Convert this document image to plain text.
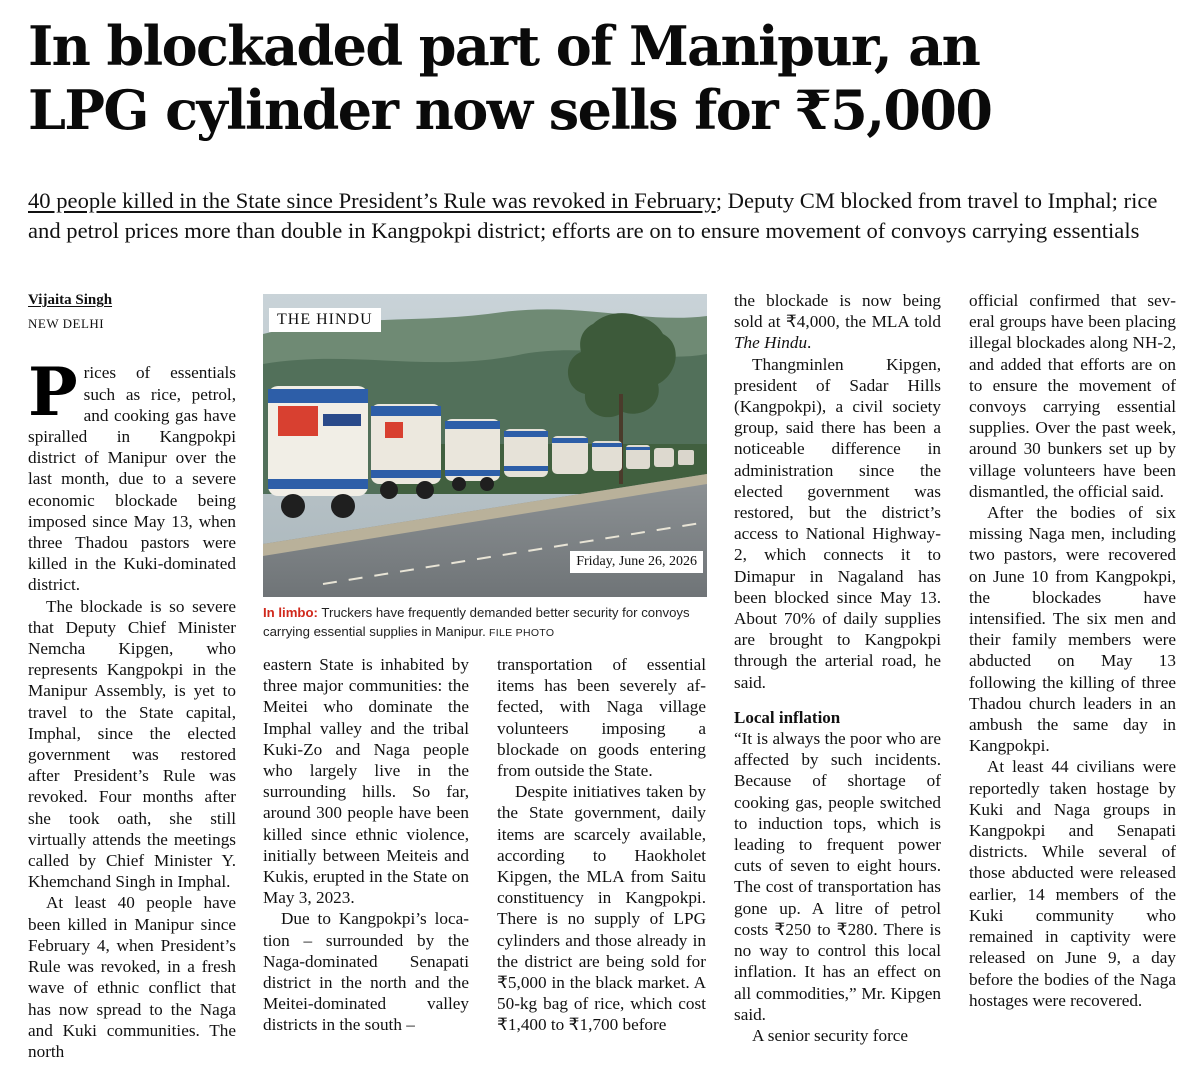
In blockaded part of Manipur, an
LPG cylinder now sells for ₹5,000
40 people killed in the State since President’s Rule was revoked in February; Deputy CM blocked from travel to Imphal; rice and petrol prices more than double in Kangpokpi district; efforts are on to ensure movement of convoys carrying essentials
Vijaita Singh
NEW DELHI

Prices of essentials such as rice, petrol, and cooking gas have spiralled in Kangpokpi district of Manipur over the last month, due to a severe economic blockade being imposed since May 13, when three Thadou pastors were killed in the Kuki-dominated district.

The blockade is so severe that Deputy Chief Minister Nemcha Kipgen, who represents Kangpokpi in the Manipur Assembly, is yet to travel to the State capital, Imphal, since the elected government was restored after President’s Rule was revoked. Four months after she took oath, she still virtually attends the meetings called by Chief Minister Y. Khemchand Singh in Imphal.

At least 40 people have been killed in Manipur since February 4, when President’s Rule was revoked, in a fresh wave of ethnic conflict that has now spread to the Naga and Kuki communities. The north

THE HINDU
Friday, June 26, 2026
In limbo: Truckers have frequently demanded better security for convoys carrying essential supplies in Manipur. FILE PHOTO

eastern State is inhabited by three major communities: the Meitei who dominate the Imphal valley and the tribal Kuki-Zo and Naga people who largely live in the surrounding hills. So far, around 300 people have been killed since ethnic violence, initially between Meiteis and Kukis, erupted in the State on May 3, 2023.

Due to Kangpokpi’s location – surrounded by the Naga-dominated Senapati district in the north and the Meitei-dominated valley districts in the south –

transportation of essential items has been severely affected, with Naga village volunteers imposing a blockade on goods entering from outside the State.

Despite initiatives taken by the State government, daily items are scarcely available, according to Haokholet Kipgen, the MLA from Saitu constituency in Kangpokpi. There is no supply of LPG cylinders and those already in the district are being sold for ₹5,000 in the black market. A 50-kg bag of rice, which cost ₹1,400 to ₹1,700 before

the blockade is now being sold at ₹4,000, the MLA told The Hindu.

Thangminlen Kipgen, president of Sadar Hills (Kangpokpi), a civil society group, said there has been a noticeable difference in administration since the elected government was restored, but the district’s access to National Highway-2, which connects it to Dimapur in Nagaland has been blocked since May 13. About 70% of daily supplies are brought to Kangpokpi through the arterial road, he said.

Local inflation

“It is always the poor who are affected by such incidents. Because of shortage of cooking gas, people switched to induction tops, which is leading to frequent power cuts of seven to eight hours. The cost of transportation has gone up. A litre of petrol costs ₹250 to ₹280. There is no way to control this local inflation. It has an effect on all commodities,” Mr. Kipgen said.

A senior security force

official confirmed that several groups have been placing illegal blockades along NH-2, and added that efforts are on to ensure the movement of convoys carrying essential supplies. Over the past week, around 30 bunkers set up by village volunteers have been dismantled, the official said.

After the bodies of six missing Naga men, including two pastors, were recovered on June 10 from Kangpokpi, the blockades have intensified. The six men and their family members were abducted on May 13 following the killing of three Thadou church leaders in an ambush the same day in Kangpokpi.

At least 44 civilians were reportedly taken hostage by Kuki and Naga groups in Kangpokpi and Senapati districts. While several of those abducted were released earlier, 14 members of the Kuki community who remained in captivity were released on June 9, a day before the bodies of the Naga hostages were recovered.
